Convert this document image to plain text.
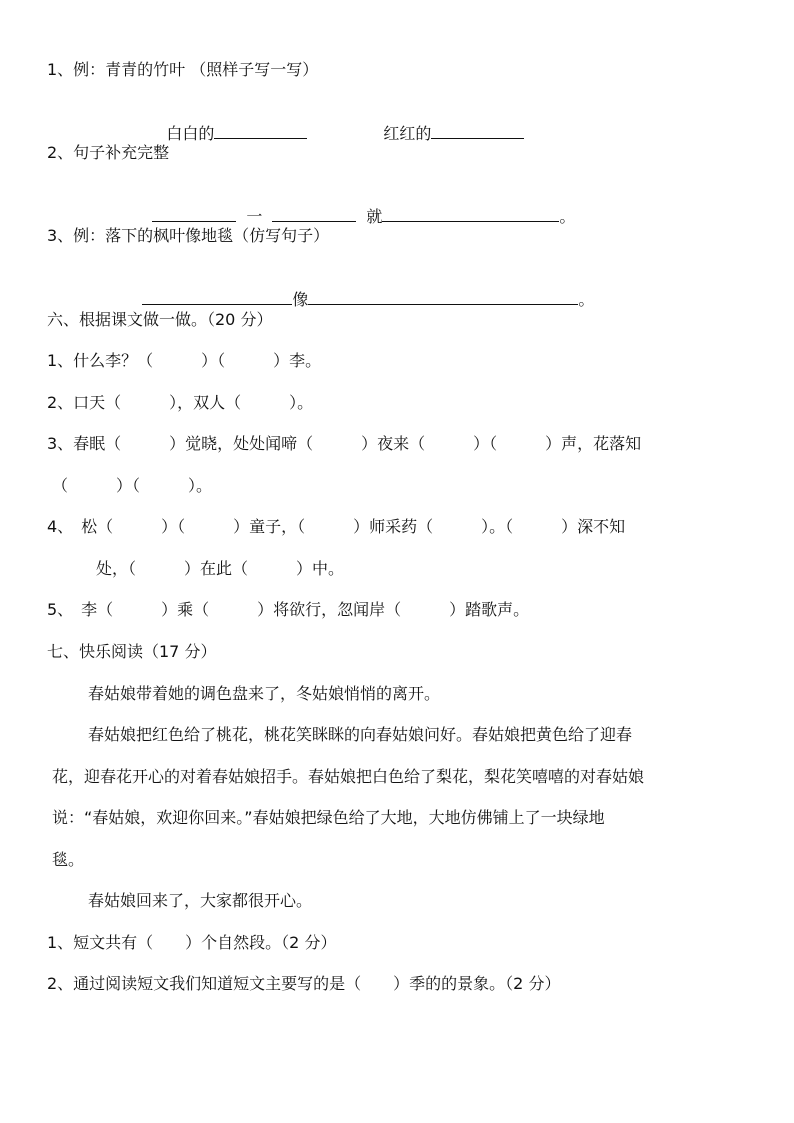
1、例：青青的竹叶 （照样子写一写）

白白的	红红的

2、句子补充完整

一	就	。

3、例：落下的枫叶像地毯（仿写句子）

像	。

六、根据课文做一做。（20 分）
1、什么李？（　　　）（　　　）李。
2、口天（　　　），双人（　　　）。
3、春眠（　　　）觉晓，处处闻啼（　　　）夜来（　　　）（　　　）声，花落知
（　　　）（　　　）。
4、　松（　　　）（　　　）童子，（　　　）师采药（　　　）。（　　　）深不知
处，（　　　）在此（　　　）中。
5、　李（　　　）乘（　　　）将欲行，忽闻岸（　　　）踏歌声。
七、快乐阅读（17 分）
春姑娘带着她的调色盘来了，冬姑娘悄悄的离开。
春姑娘把红色给了桃花，桃花笑眯眯的向春姑娘问好。春姑娘把黄色给了迎春
花，迎春花开心的对着春姑娘招手。春姑娘把白色给了梨花，梨花笑嘻嘻的对春姑娘
说：“春姑娘，欢迎你回来。”春姑娘把绿色给了大地，大地仿佛铺上了一块绿地
毯。
春姑娘回来了，大家都很开心。
1、短文共有（　　）个自然段。（2 分）
2、通过阅读短文我们知道短文主要写的是（　　）季的的景象。（2 分）
